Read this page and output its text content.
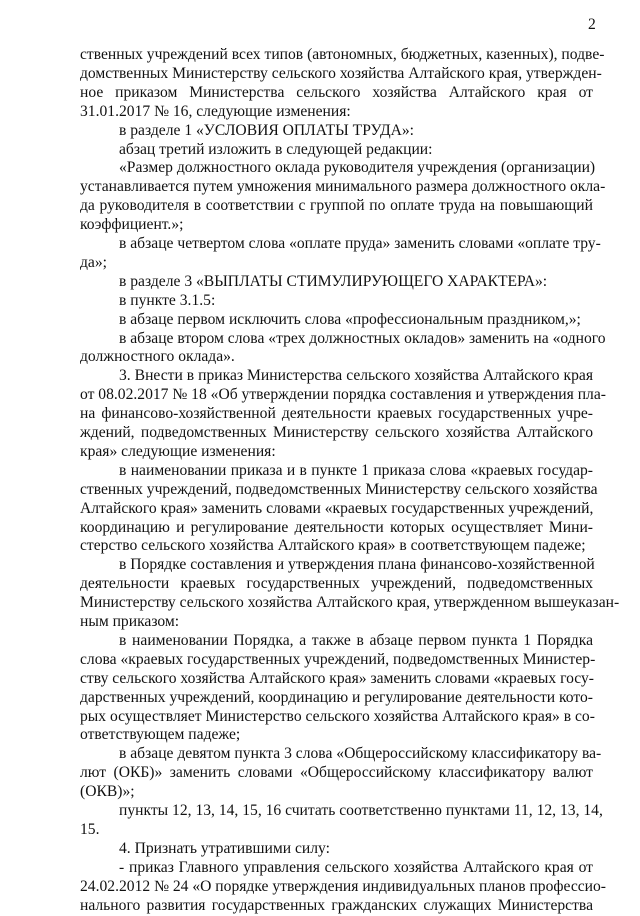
2
ственных учреждений всех типов (автономных, бюджетных, казенных), подве-
домственных Министерству сельского хозяйства Алтайского края, утвержден-
ное приказом Министерства сельского хозяйства Алтайского края от
31.01.2017 № 16, следующие изменения:
в разделе 1 «УСЛОВИЯ ОПЛАТЫ ТРУДА»:
абзац третий изложить в следующей редакции:
«Размер должностного оклада руководителя учреждения (организации)
устанавливается путем умножения минимального размера должностного окла-
да руководителя в соответствии с группой по оплате труда на повышающий
коэффициент.»;
в абзаце четвертом слова «оплате пруда» заменить словами «оплате тру-
да»;
в разделе 3 «ВЫПЛАТЫ СТИМУЛИРУЮЩЕГО ХАРАКТЕРА»:
в пункте 3.1.5:
в абзаце первом исключить слова «профессиональным праздником,»;
в абзаце втором слова «трех должностных окладов» заменить на «одного
должностного оклада».
3. Внести в приказ Министерства сельского хозяйства Алтайского края
от 08.02.2017 № 18 «Об утверждении порядка составления и утверждения пла-
на финансово-хозяйственной деятельности краевых государственных учре-
ждений, подведомственных Министерству сельского хозяйства Алтайского
края» следующие изменения:
в наименовании приказа и в пункте 1 приказа слова «краевых государ-
ственных учреждений, подведомственных Министерству сельского хозяйства
Алтайского края» заменить словами «краевых государственных учреждений,
координацию и регулирование деятельности которых осуществляет Мини-
стерство сельского хозяйства Алтайского края» в соответствующем падеже;
в Порядке составления и утверждения плана финансово-хозяйственной
деятельности краевых государственных учреждений, подведомственных
Министерству сельского хозяйства Алтайского края, утвержденном вышеуказан-
ным приказом:
в наименовании Порядка, а также в абзаце первом пункта 1 Порядка
слова «краевых государственных учреждений, подведомственных Министер-
ству сельского хозяйства Алтайского края» заменить словами «краевых госу-
дарственных учреждений, координацию и регулирование деятельности кото-
рых осуществляет Министерство сельского хозяйства Алтайского края» в со-
ответствующем падеже;
в абзаце девятом пункта 3 слова «Общероссийскому классификатору ва-
лют (ОКБ)» заменить словами «Общероссийскому классификатору валют
(ОКВ)»;
пункты 12, 13, 14, 15, 16 считать соответственно пунктами 11, 12, 13, 14,
15.
4. Признать утратившими силу:
- приказ Главного управления сельского хозяйства Алтайского края от
24.02.2012 № 24 «О порядке утверждения индивидуальных планов профессио-
нального развития государственных гражданских служащих Министерства
